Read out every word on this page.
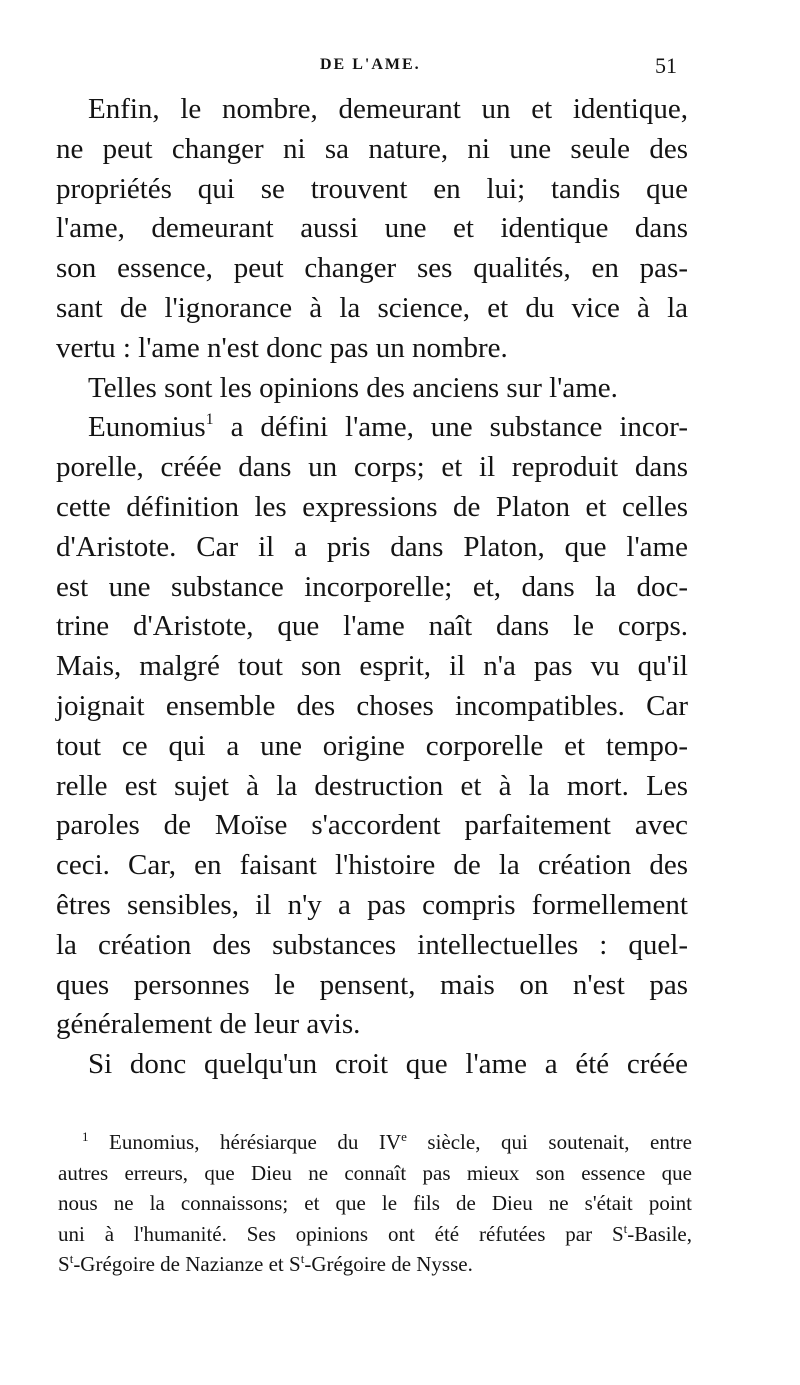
DE L'AME.	51
Enfin, le nombre, demeurant un et identique,
ne peut changer ni sa nature, ni une seule des
propriétés qui se trouvent en lui; tandis que
l'ame, demeurant aussi une et identique dans
son essence, peut changer ses qualités, en pas-
sant de l'ignorance à la science, et du vice à la
vertu : l'ame n'est donc pas un nombre.
Telles sont les opinions des anciens sur l'ame.
Eunomius$^1$ a défini l'ame, une substance incor-
porelle, créée dans un corps; et il reproduit dans
cette définition les expressions de Platon et celles
d'Aristote. Car il a pris dans Platon, que l'ame
est une substance incorporelle; et, dans la doc-
trine d'Aristote, que l'ame naît dans le corps.
Mais, malgré tout son esprit, il n'a pas vu qu'il
joignait ensemble des choses incompatibles. Car
tout ce qui a une origine corporelle et tempo-
relle est sujet à la destruction et à la mort. Les
paroles de Moïse s'accordent parfaitement avec
ceci. Car, en faisant l'histoire de la création des
êtres sensibles, il n'y a pas compris formellement
la création des substances intellectuelles : quel-
ques personnes le pensent, mais on n'est pas
généralement de leur avis.
Si donc quelqu'un croit que l'ame a été créée
$^1$ Eunomius, hérésiarque du IVe siècle, qui soutenait, entre
autres erreurs, que Dieu ne connaît pas mieux son essence que
nous ne la connaissons; et que le fils de Dieu ne s'était point
uni à l'humanité. Ses opinions ont été réfutées par $S^t$-Basile,
$S^t$-Grégoire de Nazianze et $S^t$-Grégoire de Nysse.
